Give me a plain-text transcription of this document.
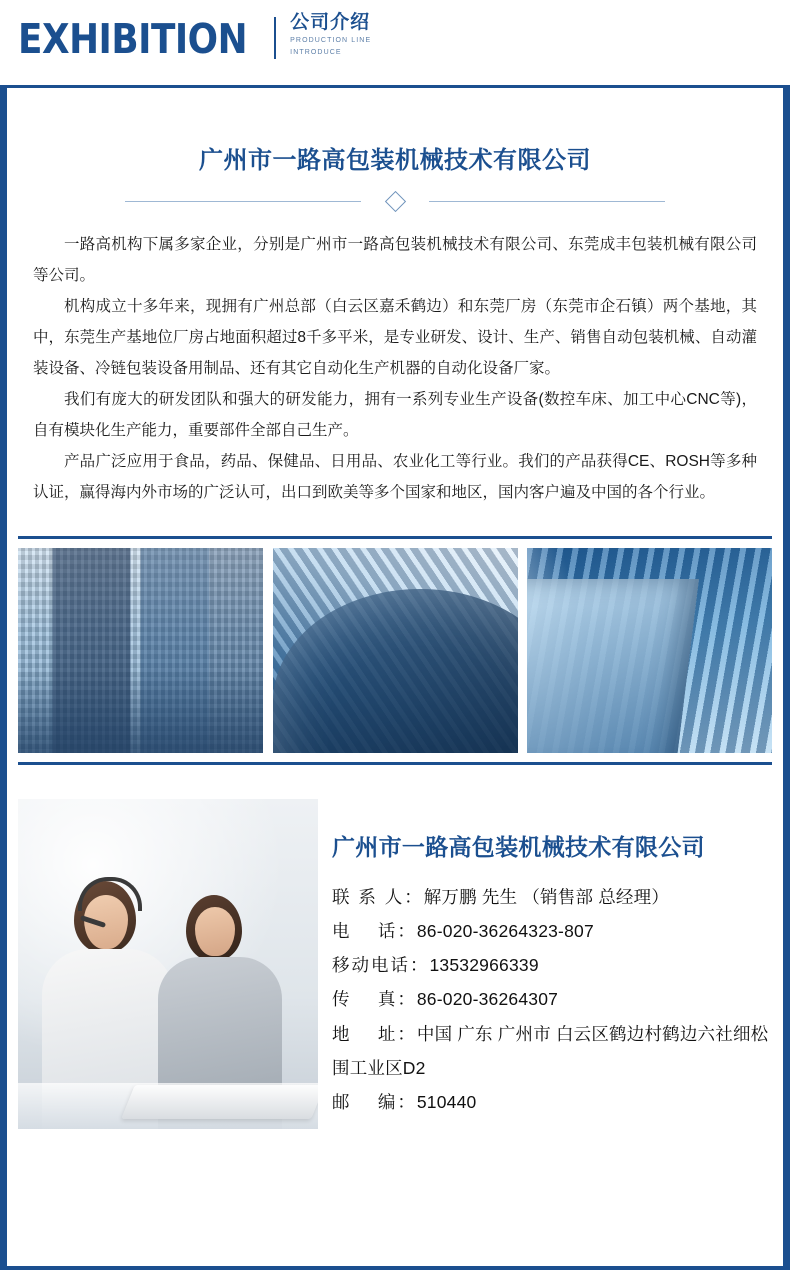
EXHIBITION 公司介绍
PRODUCTION LINE
INTRODUCE
广州市一路高包装机械技术有限公司

一路高机构下属多家企业，分别是广州市一路高包装机械技术有限公司、东莞成丰包装机械有限公司等公司。

机构成立十多年来，现拥有广州总部（白云区嘉禾鹤边）和东莞厂房（东莞市企石镇）两个基地，其中，东莞生产基地位厂房占地面积超过8千多平米，是专业研发、设计、生产、销售自动包装机械、自动灌装设备、冷链包装设备用制品、还有其它自动化生产机器的自动化设备厂家。

我们有庞大的研发团队和强大的研发能力，拥有一系列专业生产设备(数控车床、加工中心CNC等)，自有模块化生产能力，重要部件全部自己生产。

产品广泛应用于食品，药品、保健品、日用品、农业化工等行业。我们的产品获得CE、ROSH等多种认证，赢得海内外市场的广泛认可，出口到欧美等多个国家和地区，国内客户遍及中国的各个行业。

广州市一路高包装机械技术有限公司
联 系 人：解万鹏 先生 （销售部 总经理）
电　 话：86-020-36264323-807
移动电话：13532966339
传　 真：86-020-36264307
地　 址：中国 广东 广州市 白云区鹤边村鹤边六社细松围工业区D2
邮　 编：510440
